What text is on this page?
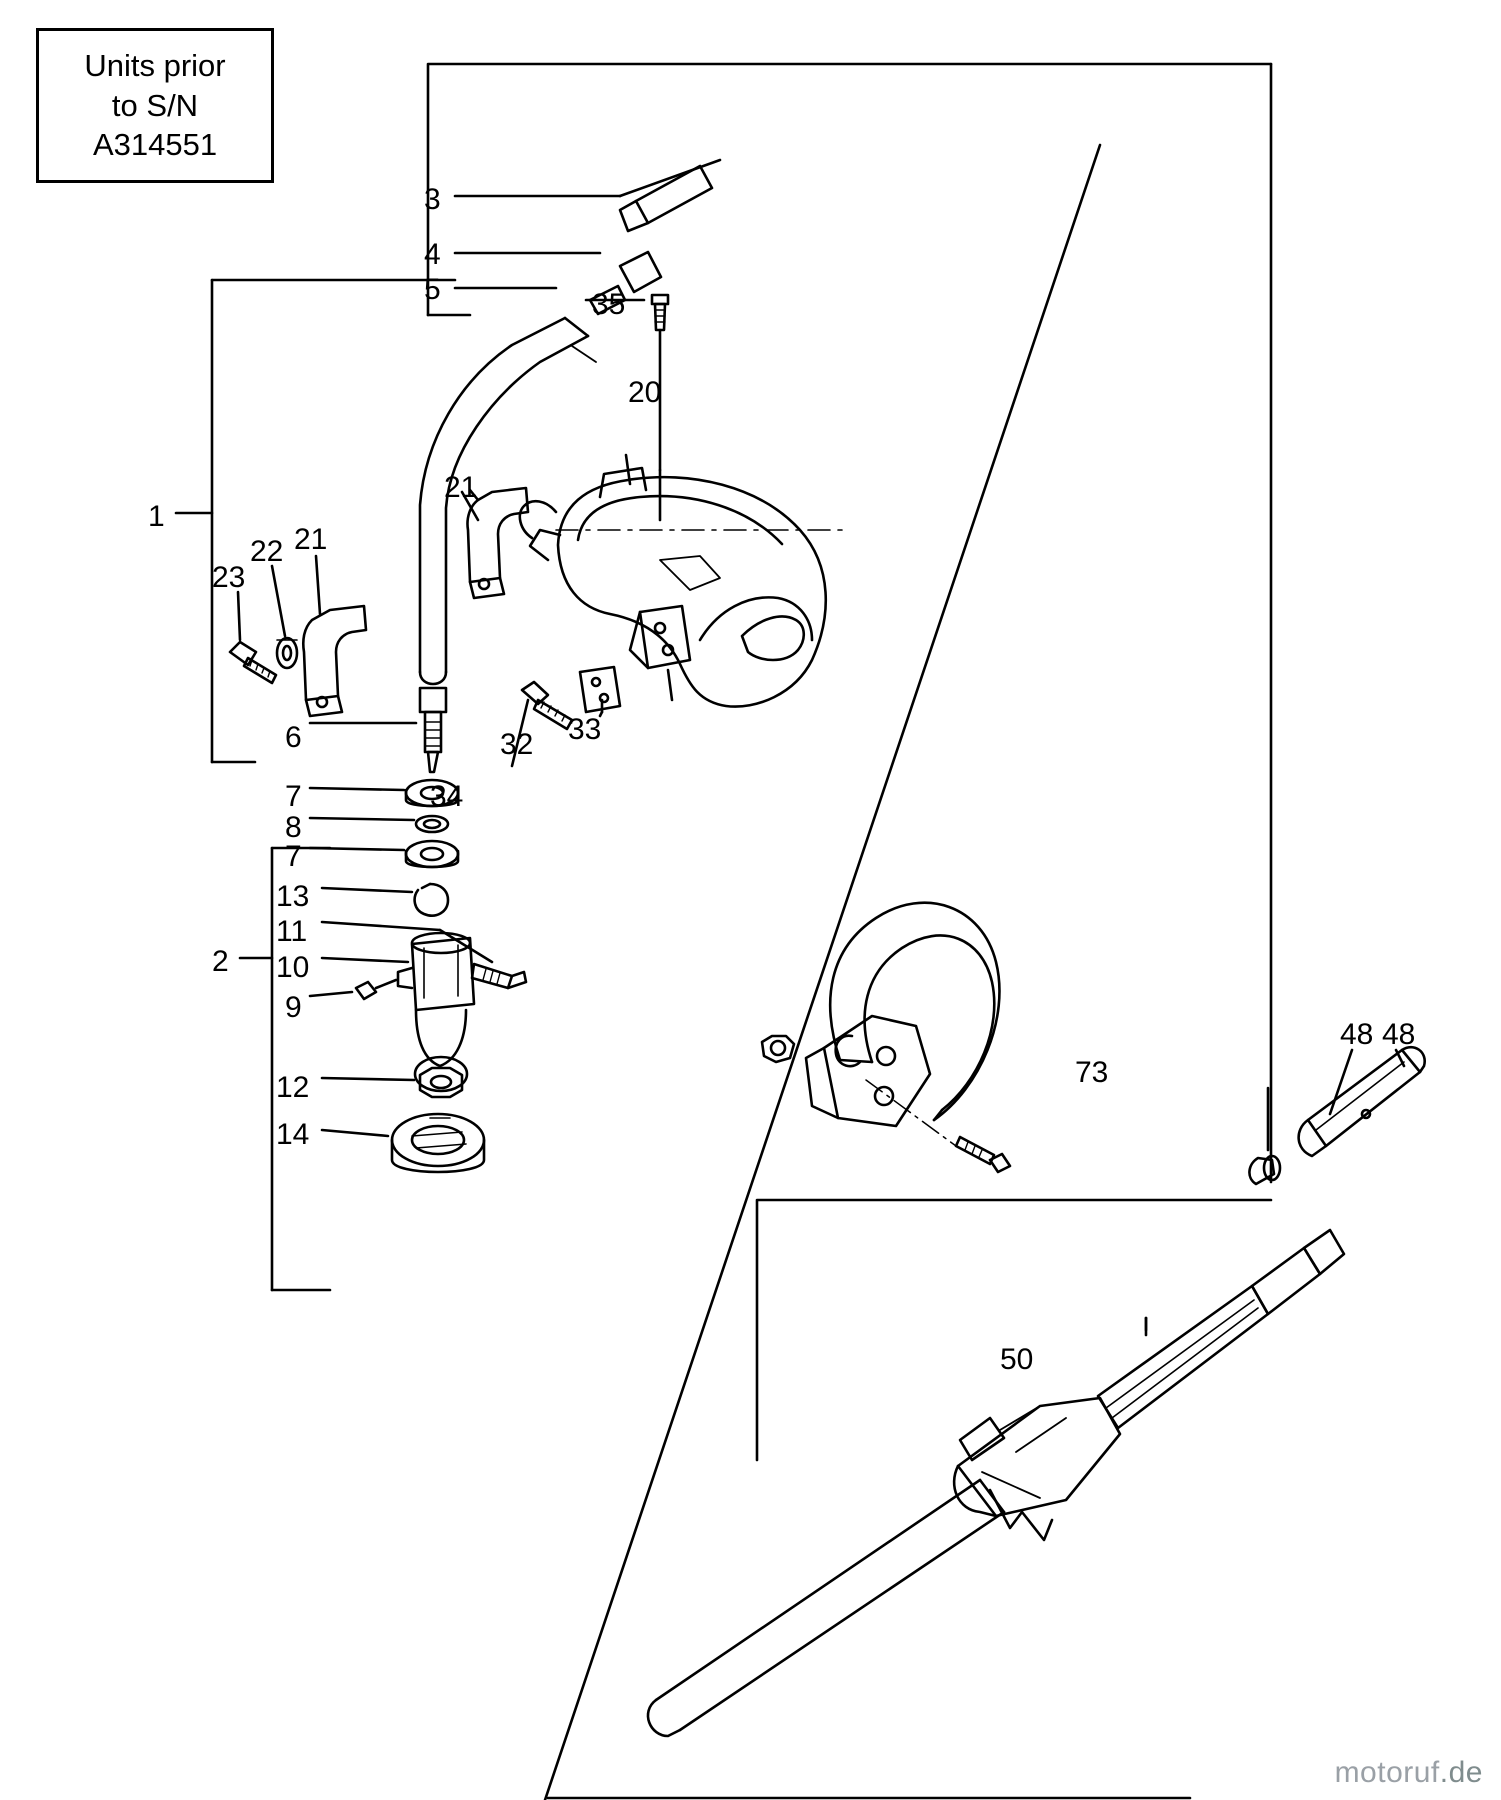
Units prior
to S/N
A314551
1
2
3
4
5
6
7
8
7
13
11
10
9
12
14
20
21
21
22
23
32 33
34
35
48 48
50
73
motoruf.de
